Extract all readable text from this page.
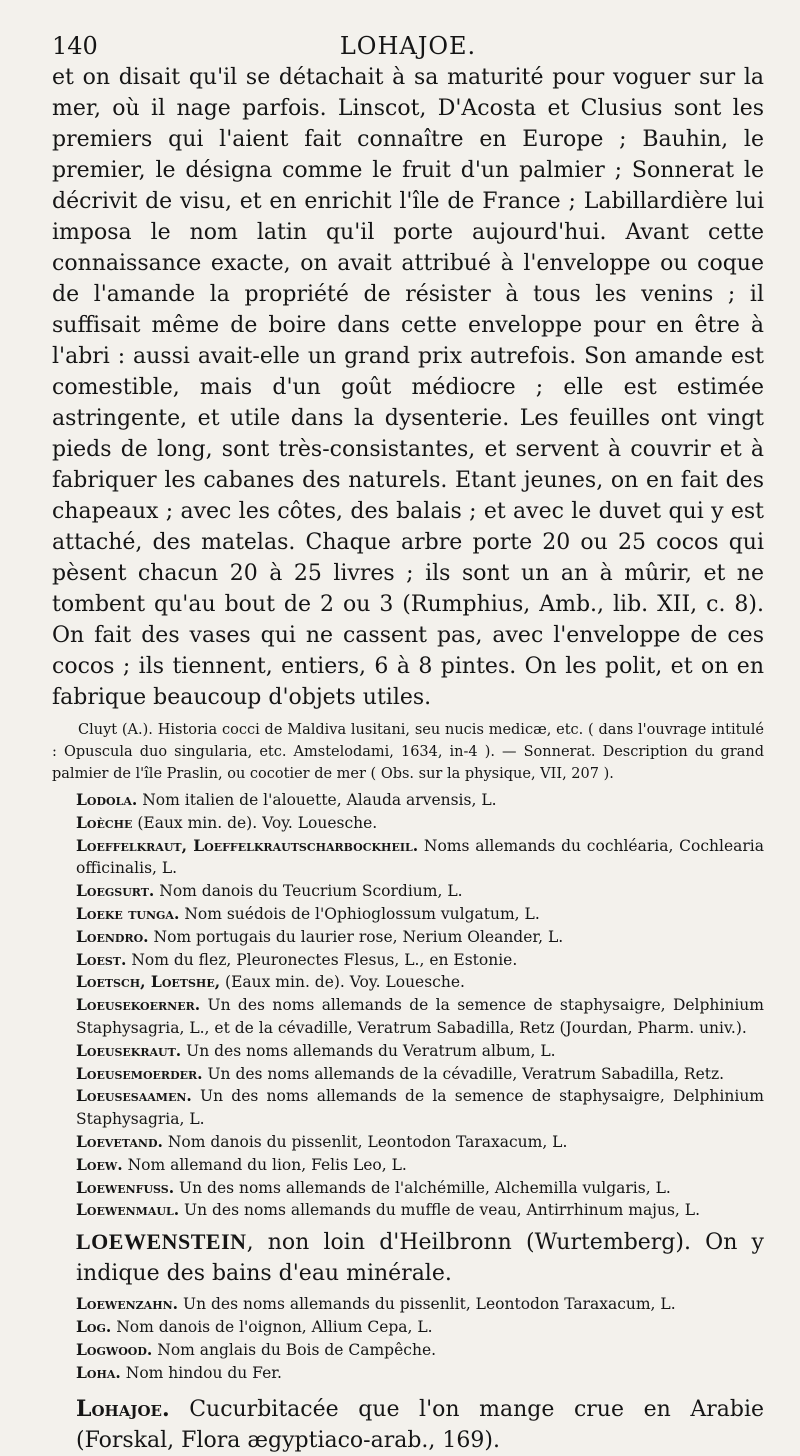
140	LOHAJOE.

et on disait qu'il se détachait à sa maturité pour voguer sur la mer, où il nage parfois. Linscot, D'Acosta et Clusius sont les premiers qui l'aient fait connaître en Europe ; Bauhin, le premier, le désigna comme le fruit d'un palmier ; Sonnerat le décrivit de visu, et en enrichit l'île de France ; Labillardière lui imposa le nom latin qu'il porte aujourd'hui. Avant cette connaissance exacte, on avait attribué à l'enveloppe ou coque de l'amande la propriété de résister à tous les venins ; il suffisait même de boire dans cette enveloppe pour en être à l'abri : aussi avait-elle un grand prix autrefois. Son amande est comestible, mais d'un goût médiocre ; elle est estimée astringente, et utile dans la dysenterie. Les feuilles ont vingt pieds de long, sont très-consistantes, et servent à couvrir et à fabriquer les cabanes des naturels. Etant jeunes, on en fait des chapeaux ; avec les côtes, des balais ; et avec le duvet qui y est attaché, des matelas. Chaque arbre porte 20 ou 25 cocos qui pèsent chacun 20 à 25 livres ; ils sont un an à mûrir, et ne tombent qu'au bout de 2 ou 3 (Rumphius, Amb., lib. XII, c. 8). On fait des vases qui ne cassent pas, avec l'enveloppe de ces cocos ; ils tiennent, entiers, 6 à 8 pintes. On les polit, et on en fabrique beaucoup d'objets utiles.

Cluyt (A.). Historia cocci de Maldiva lusitani, seu nucis medicæ, etc. ( dans l'ouvrage intitulé : Opuscula duo singularia, etc. Amstelodami, 1634, in-4 ). — Sonnerat. Description du grand palmier de l'île Praslin, ou cocotier de mer ( Obs. sur la physique, VII, 207 ).

Lodola. Nom italien de l'alouette, Alauda arvensis, L.

Loèche (Eaux min. de). Voy. Louesche.

Loeffelkraut, Loeffelkrautscharbockheil. Noms allemands du cochléaria, Cochlearia officinalis, L.

Loegsurt. Nom danois du Teucrium Scordium, L.

Loeke tunga. Nom suédois de l'Ophioglossum vulgatum, L.

Loendro. Nom portugais du laurier rose, Nerium Oleander, L.

Loest. Nom du flez, Pleuronectes Flesus, L., en Estonie.

Loetsch, Loetshe, (Eaux min. de). Voy. Louesche.

Loeusekoerner. Un des noms allemands de la semence de staphysaigre, Delphinium Staphysagria, L., et de la cévadille, Veratrum Sabadilla, Retz (Jourdan, Pharm. univ.).

Loeusekraut. Un des noms allemands du Veratrum album, L.

Loeusemoerder. Un des noms allemands de la cévadille, Veratrum Sabadilla, Retz.

Loeusesaamen. Un des noms allemands de la semence de staphysaigre, Delphinium Staphysagria, L.

Loevetand. Nom danois du pissenlit, Leontodon Taraxacum, L.

Loew. Nom allemand du lion, Felis Leo, L.

Loewenfuss. Un des noms allemands de l'alchémille, Alchemilla vulgaris, L.

Loewenmaul. Un des noms allemands du muffle de veau, Antirrhinum majus, L.

LOEWENSTEIN, non loin d'Heilbronn (Wurtemberg). On y indique des bains d'eau minérale.

Loewenzahn. Un des noms allemands du pissenlit, Leontodon Taraxacum, L.

Log. Nom danois de l'oignon, Allium Cepa, L.

Logwood. Nom anglais du Bois de Campêche.

Loha. Nom hindou du Fer.

Lohajoe. Cucurbitacée que l'on mange crue en Arabie (Forskal, Flora ægyptiaco-arab., 169).
